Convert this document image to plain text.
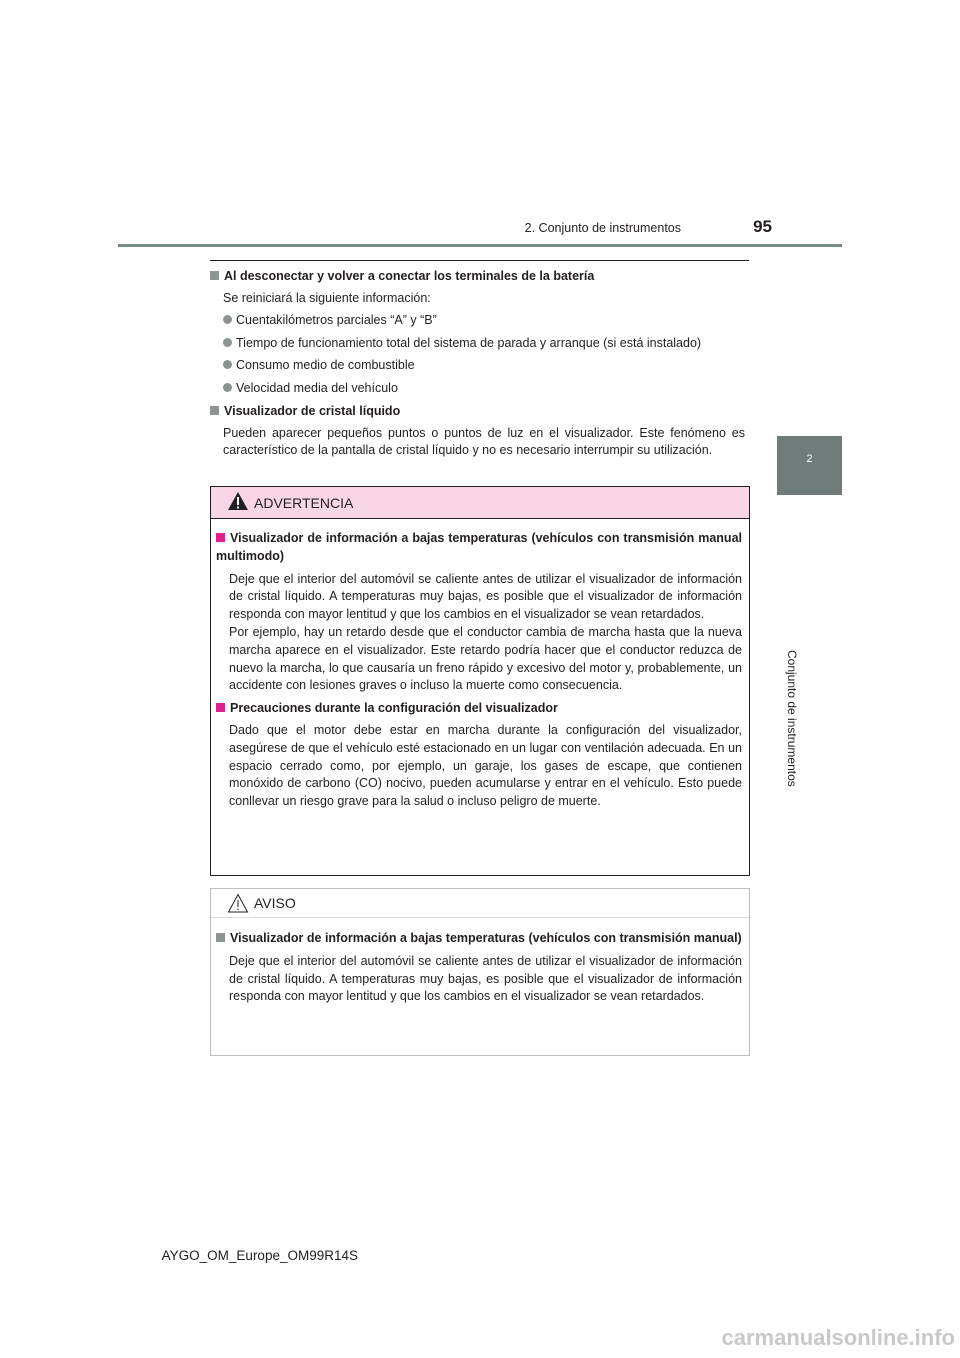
2. Conjunto de instrumentos	95
2
Conjunto de instrumentos
Al desconectar y volver a conectar los terminales de la batería
Se reiniciará la siguiente información:
Cuentakilómetros parciales “A” y “B”
Tiempo de funcionamiento total del sistema de parada y arranque (si está instalado)
Consumo medio de combustible
Velocidad media del vehículo
Visualizador de cristal líquido
Pueden aparecer pequeños puntos o puntos de luz en el visualizador. Este fenómeno es característico de la pantalla de cristal líquido y no es necesario interrumpir su utilización.
ADVERTENCIA
Visualizador de información a bajas temperaturas (vehículos con transmisión manual multimodo)
Deje que el interior del automóvil se caliente antes de utilizar el visualizador de información de cristal líquido. A temperaturas muy bajas, es posible que el visualizador de información responda con mayor lentitud y que los cambios en el visualizador se vean retardados.
Por ejemplo, hay un retardo desde que el conductor cambia de marcha hasta que la nueva marcha aparece en el visualizador. Este retardo podría hacer que el conductor reduzca de nuevo la marcha, lo que causaría un freno rápido y excesivo del motor y, probablemente, un accidente con lesiones graves o incluso la muerte como consecuencia.
Precauciones durante la configuración del visualizador
Dado que el motor debe estar en marcha durante la configuración del visualizador, asegúrese de que el vehículo esté estacionado en un lugar con ventilación adecuada. En un espacio cerrado como, por ejemplo, un garaje, los gases de escape, que contienen monóxido de carbono (CO) nocivo, pueden acumularse y entrar en el vehículo. Esto puede conllevar un riesgo grave para la salud o incluso peligro de muerte.
AVISO
Visualizador de información a bajas temperaturas (vehículos con transmisión manual)
Deje que el interior del automóvil se caliente antes de utilizar el visualizador de información de cristal líquido. A temperaturas muy bajas, es posible que el visualizador de información responda con mayor lentitud y que los cambios en el visualizador se vean retardados.
AYGO_OM_Europe_OM99R14S
carmanualsonline.info
